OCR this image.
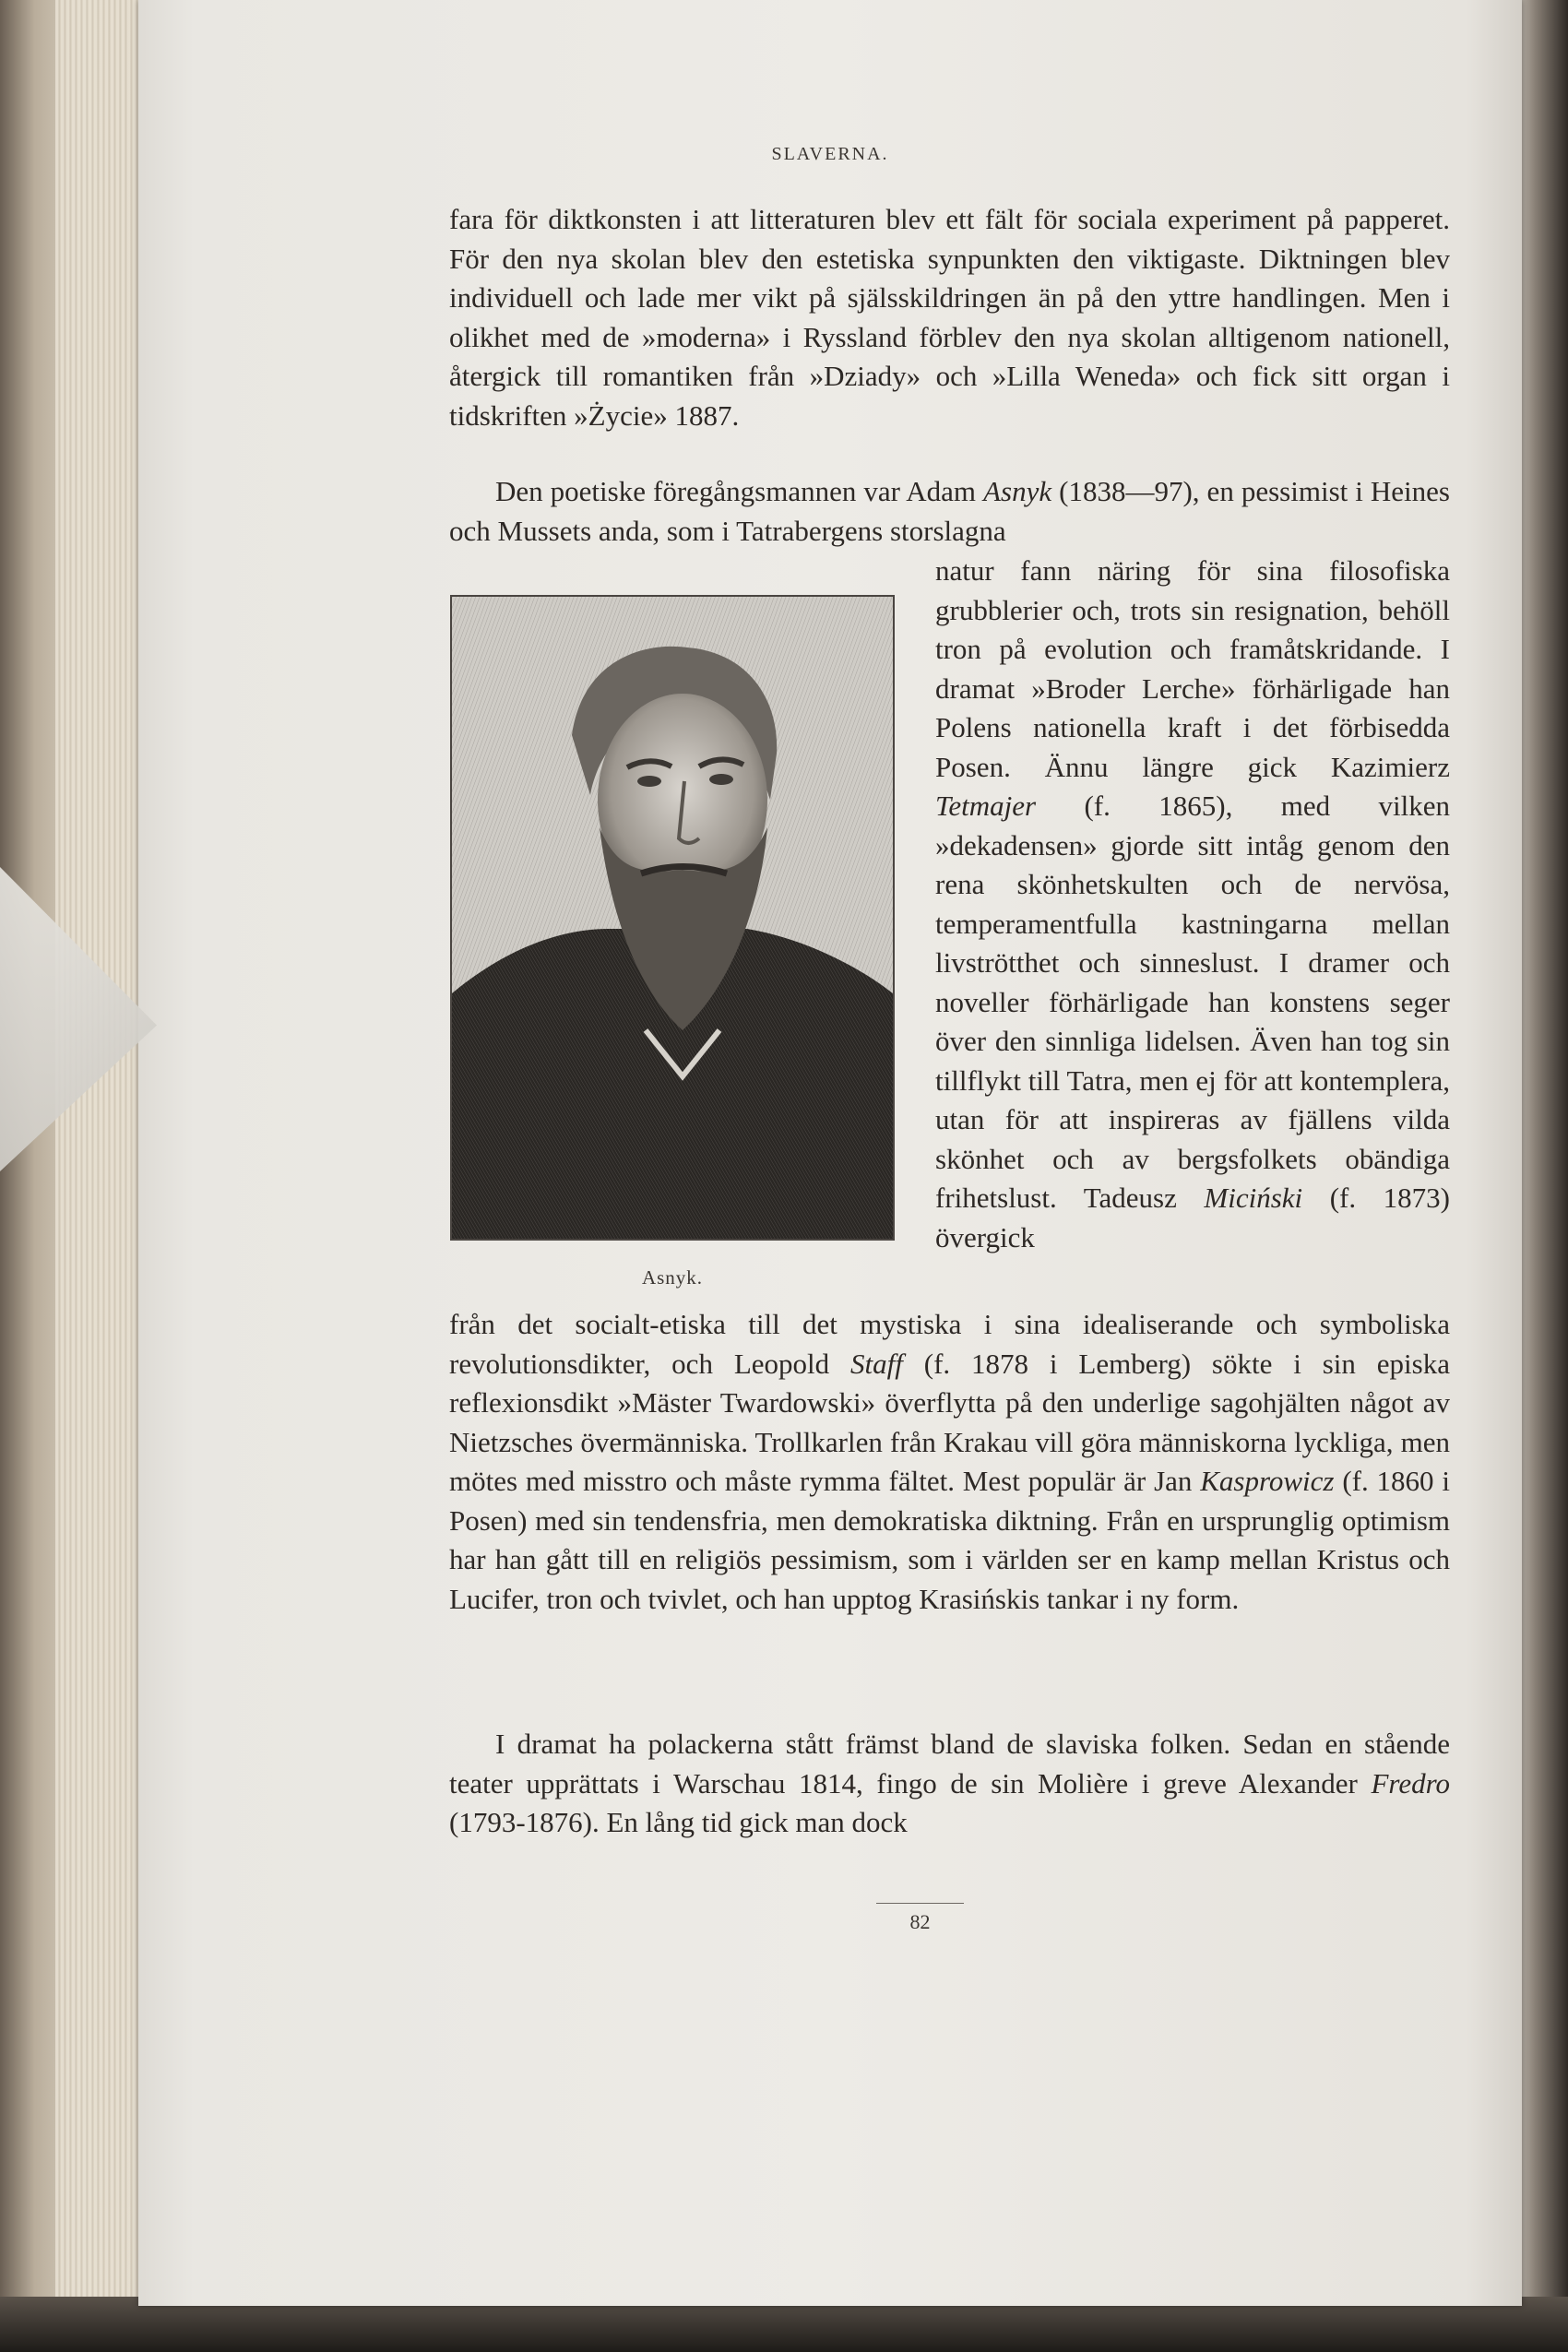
SLAVERNA.

fara för diktkonsten i att litteraturen blev ett fält för sociala experiment på papperet. För den nya skolan blev den estetiska synpunkten den viktigaste. Diktningen blev individuell och lade mer vikt på själsskildringen än på den yttre handlingen. Men i olikhet med de »moderna» i Ryssland förblev den nya skolan alltigenom nationell, återgick till romantiken från »Dziady» och »Lilla Weneda» och fick sitt organ i tidskriften »Życie» 1887.

Den poetiske föregångsmannen var Adam Asnyk (1838—97), en pessimist i Heines och Mussets anda, som i Tatrabergens storslagna

natur fann näring för sina filosofiska grubblerier och, trots sin resignation, behöll tron på evolution och framåtskridande. I dramat »Broder Lerche» förhärligade han Polens nationella kraft i det förbisedda Posen. Ännu längre gick Kazimierz Tetmajer (f. 1865), med vilken »dekadensen» gjorde sitt intåg genom den rena skönhetskulten och de nervösa, temperamentfulla kastningarna mellan livströtthet och sinneslust. I dramer och noveller förhärligade han konstens seger över den sinnliga lidelsen. Även han tog sin tillflykt till Tatra, men ej för att kontemplera, utan för att inspireras av fjällens vilda skönhet och av bergsfolkets obändiga frihetslust. Tadeusz Miciński (f. 1873) övergick

Asnyk.

från det socialt-etiska till det mystiska i sina idealiserande och symboliska revolutionsdikter, och Leopold Staff (f. 1878 i Lemberg) sökte i sin episka reflexionsdikt »Mäster Twardowski» överflytta på den underlige sagohjälten något av Nietzsches övermänniska. Trollkarlen från Krakau vill göra människorna lyckliga, men mötes med misstro och måste rymma fältet. Mest populär är Jan Kasprowicz (f. 1860 i Posen) med sin tendensfria, men demokratiska diktning. Från en ursprunglig optimism har han gått till en religiös pessimism, som i världen ser en kamp mellan Kristus och Lucifer, tron och tvivlet, och han upptog Krasińskis tankar i ny form.

I dramat ha polackerna stått främst bland de slaviska folken. Sedan en stående teater upprättats i Warschau 1814, fingo de sin Molière i greve Alexander Fredro (1793-1876). En lång tid gick man dock

82
